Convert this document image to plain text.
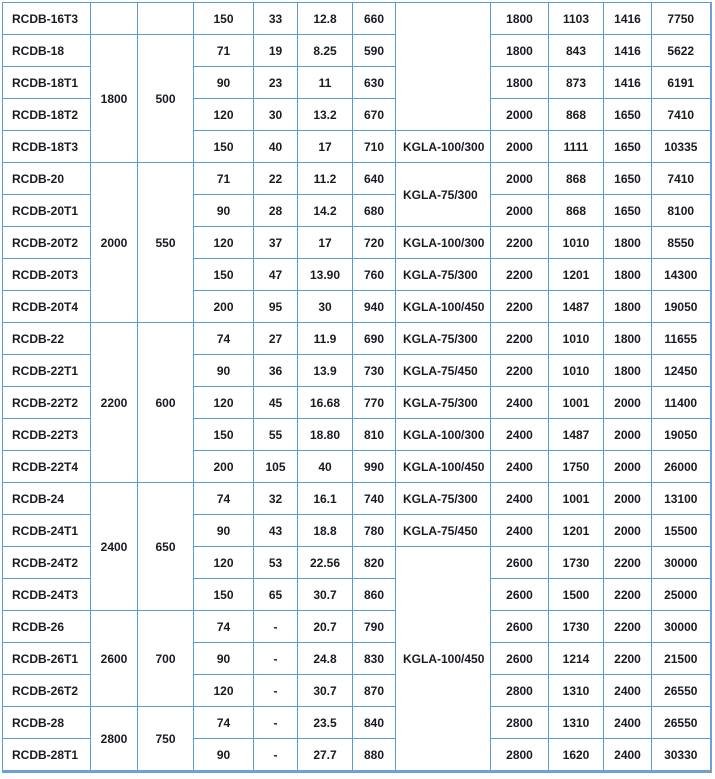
RCDB-16T3			150	33	12.8	660		1800	1103	1416	7750
RCDB-18	1800	500	71	19	8.25	590		1800	843	1416	5622
RCDB-18T1			90	23	11	630		1800	873	1416	6191
RCDB-18T2			120	30	13.2	670		2000	868	1650	7410
RCDB-18T3			150	40	17	710	KGLA-100/300	2000	1111	1650	10335
RCDB-20	2000	550	71	22	11.2	640	KGLA-75/300	2000	868	1650	7410
RCDB-20T1			90	28	14.2	680		2000	868	1650	8100
RCDB-20T2			120	37	17	720	KGLA-100/300	2200	1010	1800	8550
RCDB-20T3			150	47	13.90	760	KGLA-75/300	2200	1201	1800	14300
RCDB-20T4			200	95	30	940	KGLA-100/450	2200	1487	1800	19050
RCDB-22	2200	600	74	27	11.9	690	KGLA-75/300	2200	1010	1800	11655
RCDB-22T1			90	36	13.9	730	KGLA-75/450	2200	1010	1800	12450
RCDB-22T2			120	45	16.68	770	KGLA-75/300	2400	1001	2000	11400
RCDB-22T3			150	55	18.80	810	KGLA-100/300	2400	1487	2000	19050
RCDB-22T4			200	105	40	990	KGLA-100/450	2400	1750	2000	26000
RCDB-24	2400	650	74	32	16.1	740	KGLA-75/300	2400	1001	2000	13100
RCDB-24T1			90	43	18.8	780	KGLA-75/450	2400	1201	2000	15500
RCDB-24T2			120	53	22.56	820	KGLA-100/450	2600	1730	2200	30000
RCDB-24T3			150	65	30.7	860		2600	1500	2200	25000
RCDB-26	2600	700	74	-	20.7	790		2600	1730	2200	30000
RCDB-26T1			90	-	24.8	830		2600	1214	2200	21500
RCDB-26T2			120	-	30.7	870		2800	1310	2400	26550
RCDB-28	2800	750	74	-	23.5	840		2800	1310	2400	26550
RCDB-28T1			90	-	27.7	880		2800	1620	2400	30330
